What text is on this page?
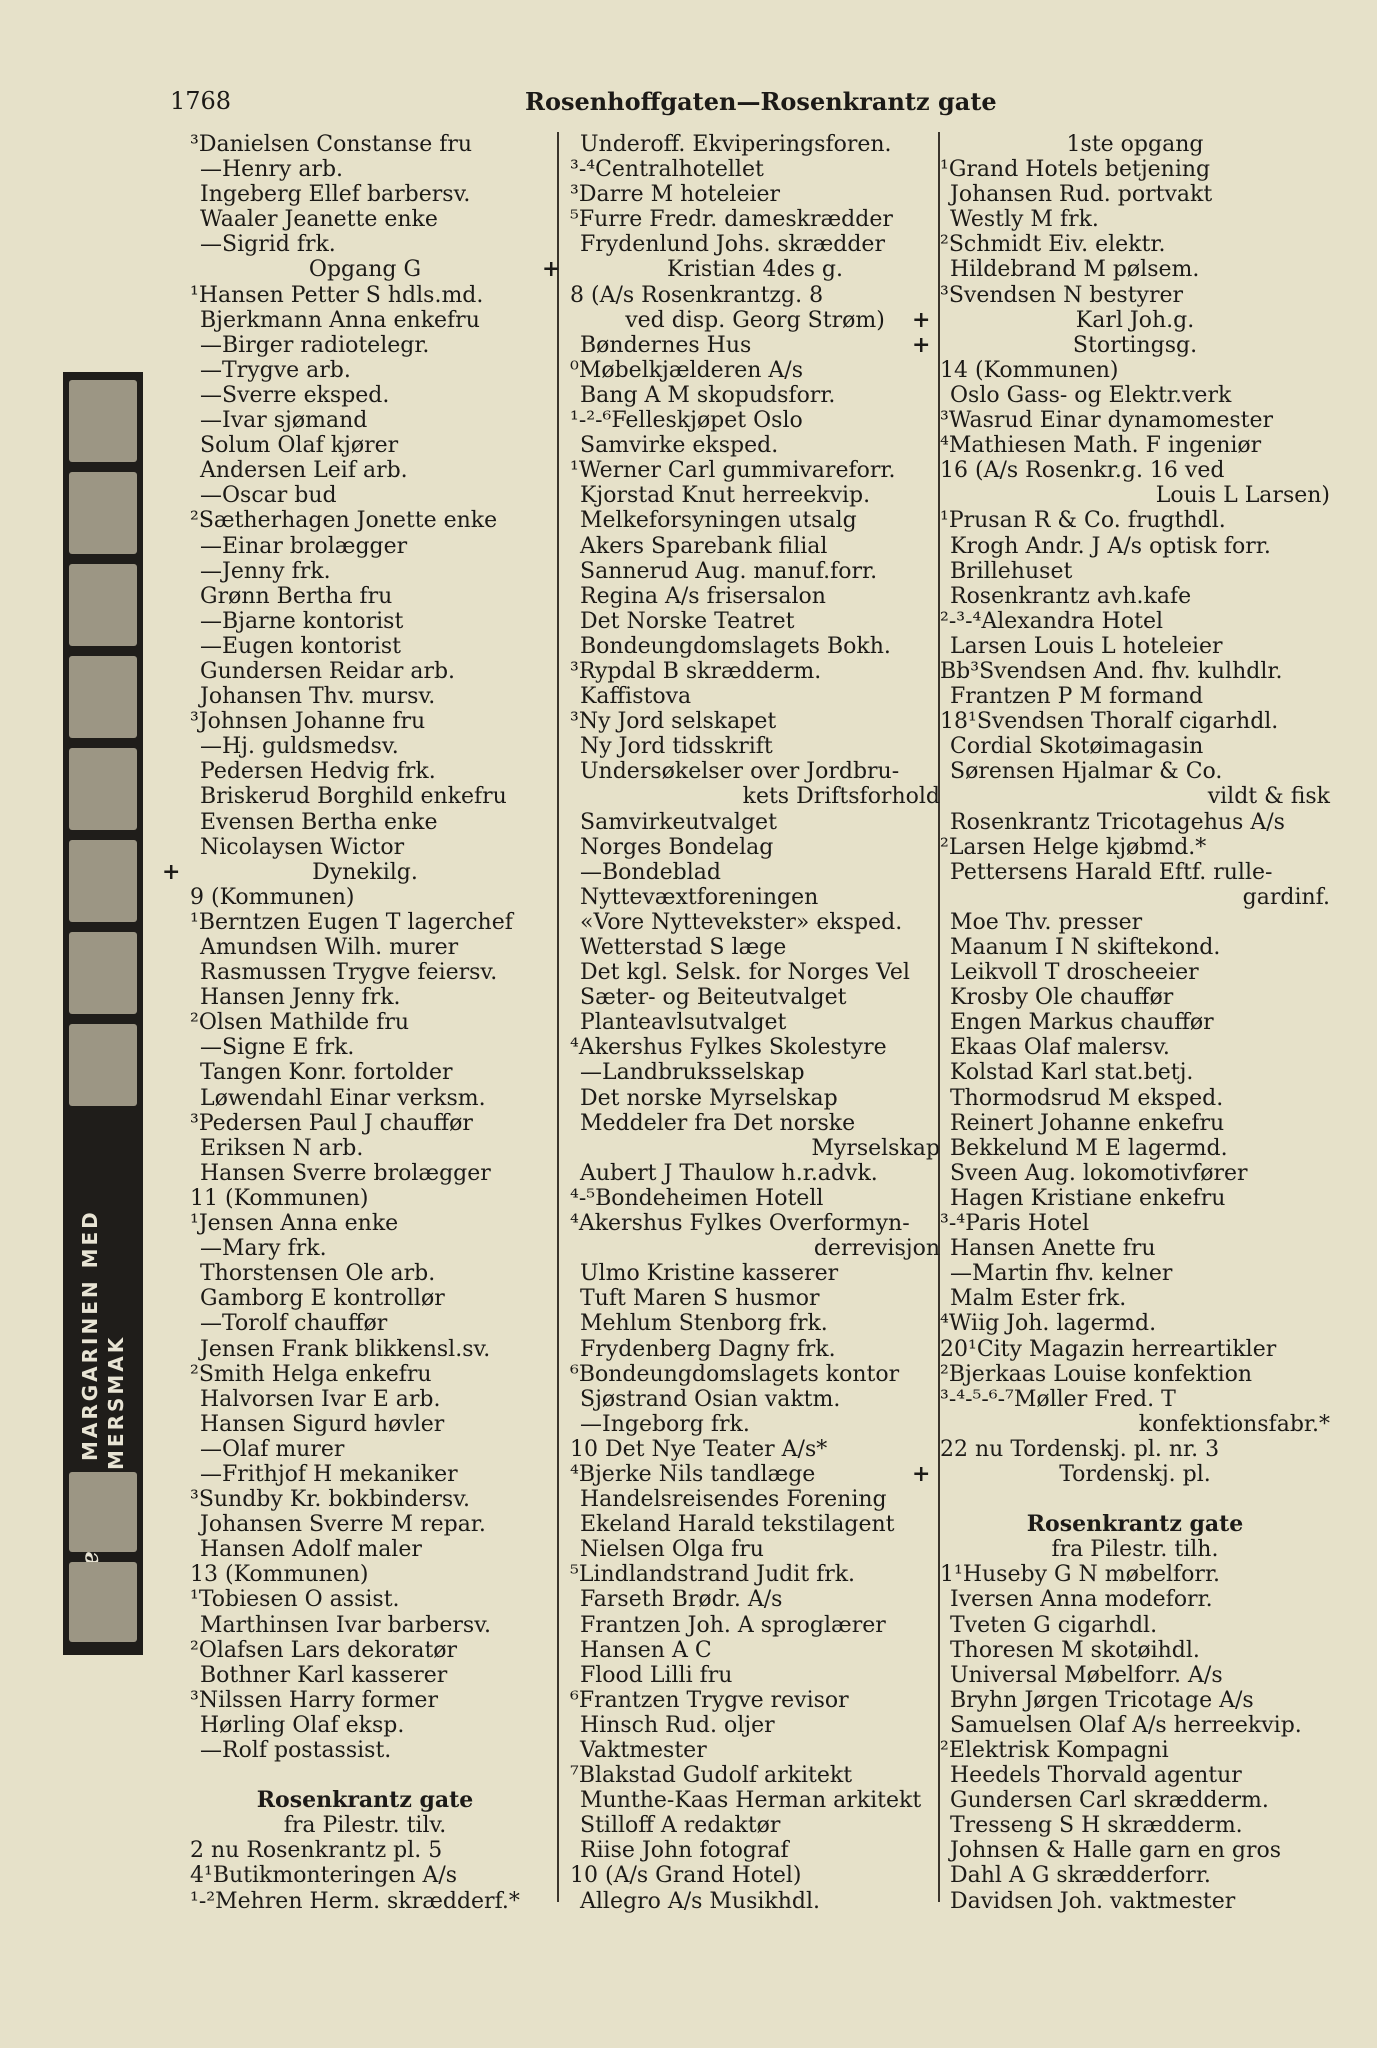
1768	Rosenhoffgaten—Rosenkrantz gate
MARGARINEN MED MERSMAK
³Danielsen Constanse fru
—Henry arb.
Ingeberg Ellef barbersv.
Waaler Jeanette enke
—Sigrid frk.
Opgang G
¹Hansen Petter S hdls.md.
Bjerkmann Anna enkefru
—Birger radiotelegr.
—Trygve arb.
—Sverre eksped.
—Ivar sjømand
Solum Olaf kjører
Andersen Leif arb.
—Oscar bud
²Sætherhagen Jonette enke
—Einar brolægger
—Jenny frk.
Grønn Bertha fru
—Bjarne kontorist
—Eugen kontorist
Gundersen Reidar arb.
Johansen Thv. mursv.
³Johnsen Johanne fru
—Hj. guldsmedsv.
Pedersen Hedvig frk.
Briskerud Borghild enkefru
Evensen Bertha enke
Nicolaysen Wictor
+	Dynekilg.
9 (Kommunen)
¹Berntzen Eugen T lagerchef
Amundsen Wilh. murer
Rasmussen Trygve feiersv.
Hansen Jenny frk.
²Olsen Mathilde fru
—Signe E frk.
Tangen Konr. fortolder
Løwendahl Einar verksm.
³Pedersen Paul J chauffør
Eriksen N arb.
Hansen Sverre brolægger
11 (Kommunen)
¹Jensen Anna enke
—Mary frk.
Thorstensen Ole arb.
Gamborg E kontrollør
—Torolf chauffør
Jensen Frank blikkensl.sv.
²Smith Helga enkefru
Halvorsen Ivar E arb.
Hansen Sigurd høvler
—Olaf murer
—Frithjof H mekaniker
³Sundby Kr. bokbindersv.
Johansen Sverre M repar.
Hansen Adolf maler
13 (Kommunen)
¹Tobiesen O assist.
Marthinsen Ivar barbersv.
²Olafsen Lars dekoratør
Bothner Karl kasserer
³Nilssen Harry former
Hørling Olaf eksp.
—Rolf postassist.
Rosenkrantz gate
fra Pilestr. tilv.
2 nu Rosenkrantz pl. 5
4¹Butikmonteringen A/s
¹-²Mehren Herm. skrædderf.*
Underoff. Ekviperingsforen.
³-⁴Centralhotellet
³Darre M hoteleier
⁵Furre Fredr. dameskrædder
Frydenlund Johs. skrædder
+	Kristian 4des g.
8 (A/s Rosenkrantzg. 8
ved disp. Georg Strøm)
Bøndernes Hus
⁰Møbelkjælderen A/s
Bang A M skopudsforr.
¹-²-⁶Felleskjøpet Oslo
Samvirke eksped.
¹Werner Carl gummivareforr.
Kjorstad Knut herreekvip.
Melkeforsyningen utsalg
Akers Sparebank filial
Sannerud Aug. manuf.forr.
Regina A/s frisersalon
Det Norske Teatret
Bondeungdomslagets Bokh.
³Rypdal B skrædderm.
Kaffistova
³Ny Jord selskapet
Ny Jord tidsskrift
Undersøkelser over Jordbru-
kets Driftsforhold
Samvirkeutvalget
Norges Bondelag
—Bondeblad
Nyttevæxtforeningen
«Vore Nyttevekster» eksped.
Wetterstad S læge
Det kgl. Selsk. for Norges Vel
Sæter- og Beiteutvalget
Planteavlsutvalget
⁴Akershus Fylkes Skolestyre
—Landbruksselskap
Det norske Myrselskap
Meddeler fra Det norske
Myrselskap
Aubert J Thaulow h.r.advk.
⁴-⁵Bondeheimen Hotell
⁴Akershus Fylkes Overformyn-
derrevisjon
Ulmo Kristine kasserer
Tuft Maren S husmor
Mehlum Stenborg frk.
Frydenberg Dagny frk.
⁶Bondeungdomslagets kontor
Sjøstrand Osian vaktm.
—Ingeborg frk.
10 Det Nye Teater A/s*
⁴Bjerke Nils tandlæge
Handelsreisendes Forening
Ekeland Harald tekstilagent
Nielsen Olga fru
⁵Lindlandstrand Judit frk.
Farseth Brødr. A/s
Frantzen Joh. A sproglærer
Hansen A C
Flood Lilli fru
⁶Frantzen Trygve revisor
Hinsch Rud. oljer
Vaktmester
⁷Blakstad Gudolf arkitekt
Munthe-Kaas Herman arkitekt
Stilloff A redaktør
Riise John fotograf
10 (A/s Grand Hotel)
Allegro A/s Musikhdl.
1ste opgang
¹Grand Hotels betjening
Johansen Rud. portvakt
Westly M frk.
²Schmidt Eiv. elektr.
Hildebrand M pølsem.
³Svendsen N bestyrer
+	Karl Joh.g.
+	Stortingsg.
14 (Kommunen)
Oslo Gass- og Elektr.verk
³Wasrud Einar dynamomester
⁴Mathiesen Math. F ingeniør
16 (A/s Rosenkr.g. 16 ved
Louis L Larsen)
¹Prusan R & Co. frugthdl.
Krogh Andr. J A/s optisk forr.
Brillehuset
Rosenkrantz avh.kafe
²-³-⁴Alexandra Hotel
Larsen Louis L hoteleier
Bb³Svendsen And. fhv. kulhdlr.
Frantzen P M formand
18¹Svendsen Thoralf cigarhdl.
Cordial Skotøimagasin
Sørensen Hjalmar & Co.
vildt & fisk
Rosenkrantz Tricotagehus A/s
²Larsen Helge kjøbmd.*
Pettersens Harald Eftf. rulle-
gardinf.
Moe Thv. presser
Maanum I N skiftekond.
Leikvoll T droscheeier
Krosby Ole chauffør
Engen Markus chauffør
Ekaas Olaf malersv.
Kolstad Karl stat.betj.
Thormodsrud M eksped.
Reinert Johanne enkefru
Bekkelund M E lagermd.
Sveen Aug. lokomotivfører
Hagen Kristiane enkefru
³-⁴Paris Hotel
Hansen Anette fru
—Martin fhv. kelner
Malm Ester frk.
⁴Wiig Joh. lagermd.
20¹City Magazin herreartikler
²Bjerkaas Louise konfektion
³-⁴-⁵-⁶-⁷Møller Fred. T
konfektionsfabr.*
22 nu Tordenskj. pl. nr. 3
+	Tordenskj. pl.
Rosenkrantz gate
fra Pilestr. tilh.
1¹Huseby G N møbelforr.
Iversen Anna modeforr.
Tveten G cigarhdl.
Thoresen M skotøihdl.
Universal Møbelforr. A/s
Bryhn Jørgen Tricotage A/s
Samuelsen Olaf A/s herreekvip.
²Elektrisk Kompagni
Heedels Thorvald agentur
Gundersen Carl skrædderm.
Tresseng S H skrædderm.
Johnsen & Halle garn en gros
Dahl A G skrædderforr.
Davidsen Joh. vaktmester
